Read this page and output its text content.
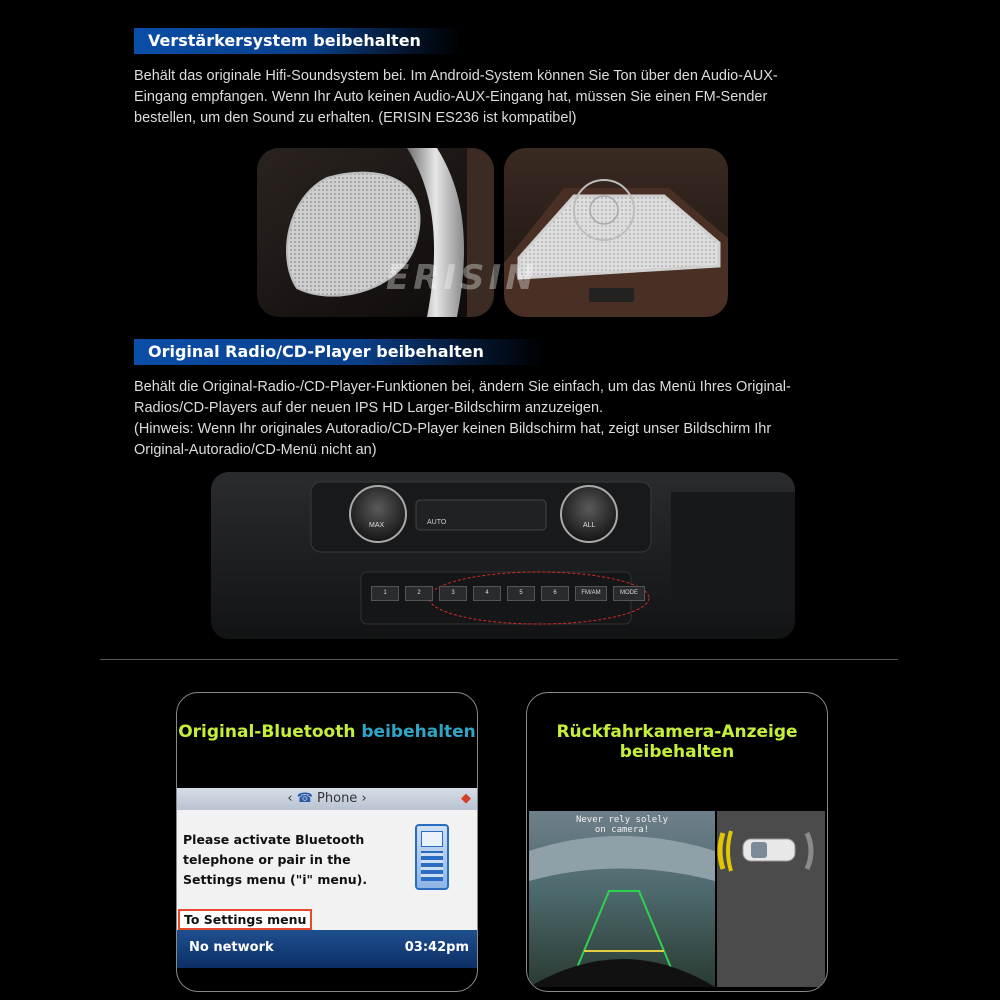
Verstärkersystem beibehalten
Behält das originale Hifi-Soundsystem bei. Im Android-System können Sie Ton über den Audio-AUX-
Eingang empfangen. Wenn Ihr Auto keinen Audio-AUX-Eingang hat, müssen Sie einen FM-Sender
bestellen, um den Sound zu erhalten. (ERISIN ES236 ist kompatibel)
ERISIN
Original Radio/CD-Player beibehalten
Behält die Original-Radio-/CD-Player-Funktionen bei, ändern Sie einfach, um das Menü Ihres Original-
Radios/CD-Players auf der neuen IPS HD Larger-Bildschirm anzuzeigen.
(Hinweis: Wenn Ihr originales Autoradio/CD-Player keinen Bildschirm hat, zeigt unser Bildschirm Ihr
Original-Autoradio/CD-Menü nicht an)
MAX	ALL
AUTO
1	2	3	4	5	6	FM/AM	MODE
Original-Bluetooth beibehalten
‹ ☎ Phone ›	◆
Please activate Bluetooth
telephone or pair in the
Settings menu ("i" menu).
To Settings menu
No network	03:42pm
Rückfahrkamera-Anzeige
beibehalten
Never rely solely
on camera!
